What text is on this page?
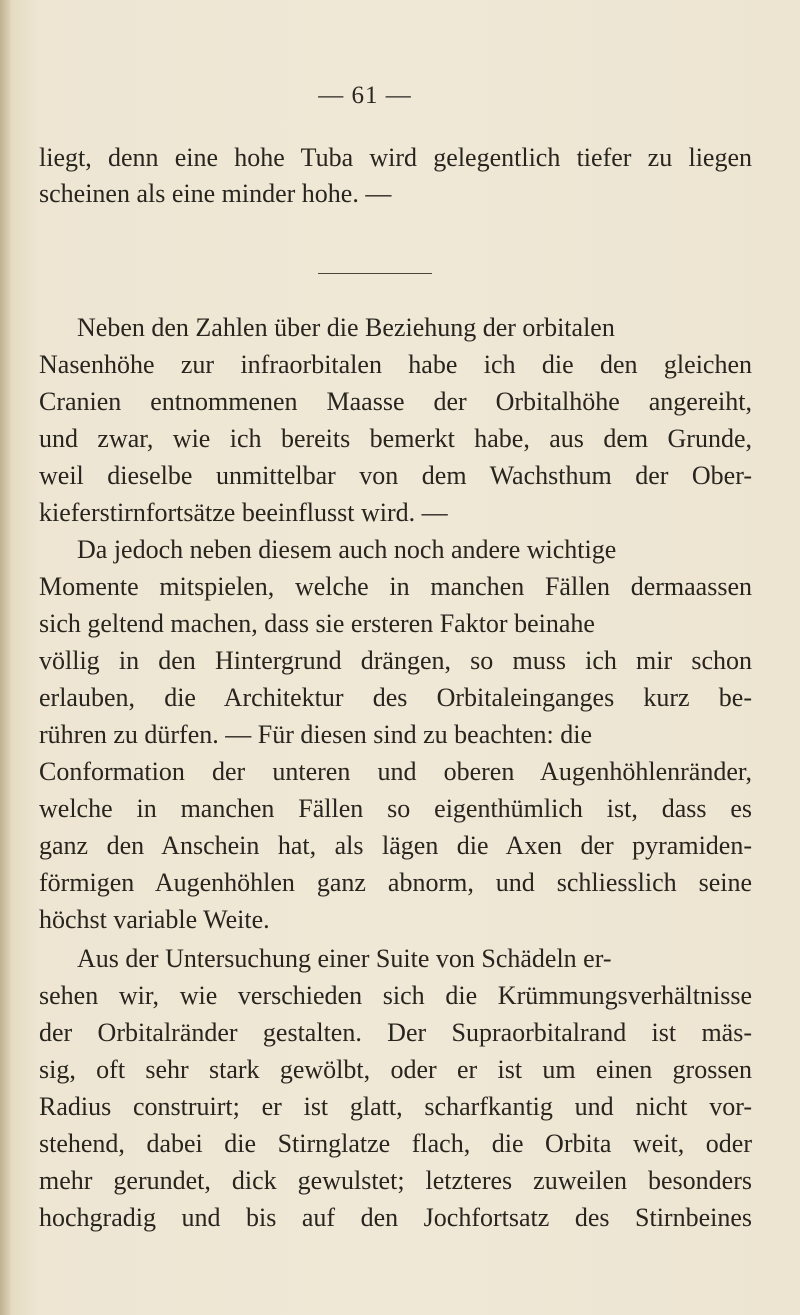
— 61 —
liegt, denn eine hohe Tuba wird gelegentlich tiefer zu liegen
scheinen als eine minder hohe. —
Neben den Zahlen über die Beziehung der orbitalen
Nasenhöhe zur infraorbitalen habe ich die den gleichen
Cranien entnommenen Maasse der Orbitalhöhe angereiht,
und zwar, wie ich bereits bemerkt habe, aus dem Grunde,
weil dieselbe unmittelbar von dem Wachsthum der Ober-
kieferstirnfortsätze beeinflusst wird. —
Da jedoch neben diesem auch noch andere wichtige
Momente mitspielen, welche in manchen Fällen dermaassen
sich geltend machen, dass sie ersteren Faktor beinahe
völlig in den Hintergrund drängen, so muss ich mir schon
erlauben, die Architektur des Orbitaleinganges kurz be-
rühren zu dürfen. — Für diesen sind zu beachten: die
Conformation der unteren und oberen Augenhöhlenränder,
welche in manchen Fällen so eigenthümlich ist, dass es
ganz den Anschein hat, als lägen die Axen der pyramiden-
förmigen Augenhöhlen ganz abnorm, und schliesslich seine
höchst variable Weite.
Aus der Untersuchung einer Suite von Schädeln er-
sehen wir, wie verschieden sich die Krümmungsverhältnisse
der Orbitalränder gestalten. Der Supraorbitalrand ist mäs-
sig, oft sehr stark gewölbt, oder er ist um einen grossen
Radius construirt; er ist glatt, scharfkantig und nicht vor-
stehend, dabei die Stirnglatze flach, die Orbita weit, oder
mehr gerundet, dick gewulstet; letzteres zuweilen besonders
hochgradig und bis auf den Jochfortsatz des Stirnbeines
